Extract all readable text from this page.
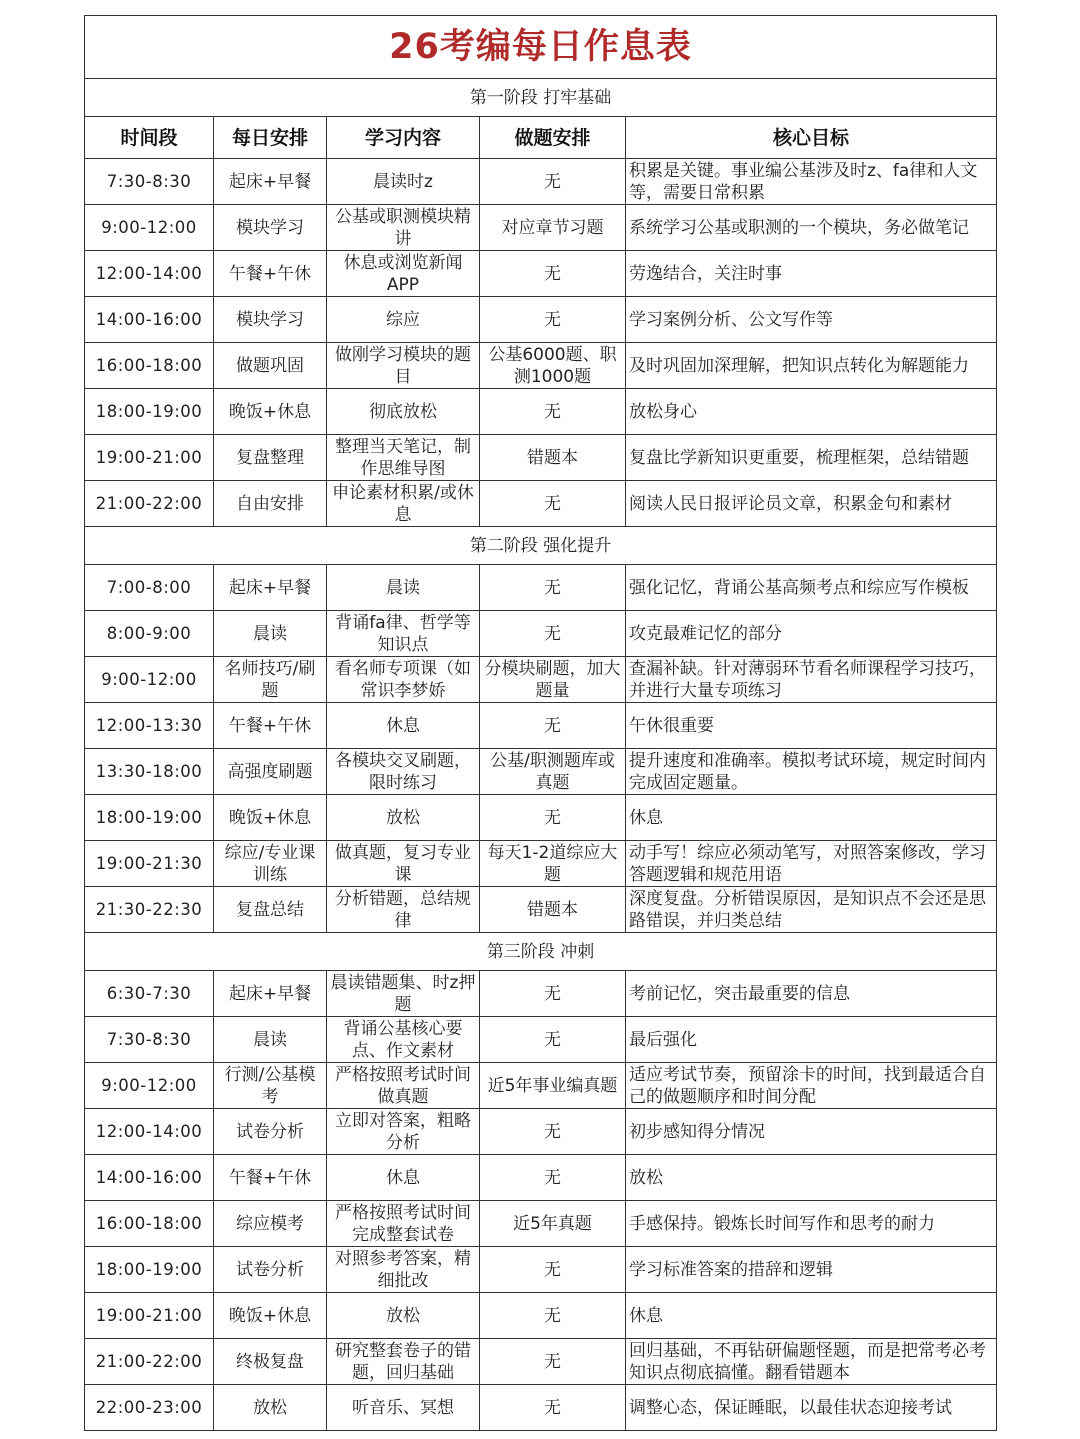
26考编每日作息表				
第一阶段 打牢基础				
时间段	每日安排	学习内容	做题安排	核心目标
7:30-8:30	起床+早餐	晨读时z	无	积累是关键。事业编公基涉及时z、fa律和人文等，需要日常积累
9:00-12:00	模块学习	公基或职测模块精讲	对应章节习题	系统学习公基或职测的一个模块，务必做笔记
12:00-14:00	午餐+午休	休息或浏览新闻APP	无	劳逸结合，关注时事
14:00-16:00	模块学习	综应	无	学习案例分析、公文写作等
16:00-18:00	做题巩固	做刚学习模块的题目	公基6000题、职测1000题	及时巩固加深理解，把知识点转化为解题能力
18:00-19:00	晚饭+休息	彻底放松	无	放松身心
19:00-21:00	复盘整理	整理当天笔记，制作思维导图	错题本	复盘比学新知识更重要，梳理框架，总结错题
21:00-22:00	自由安排	申论素材积累/或休息	无	阅读人民日报评论员文章，积累金句和素材
第二阶段 强化提升				
7:00-8:00	起床+早餐	晨读	无	强化记忆，背诵公基高频考点和综应写作模板
8:00-9:00	晨读	背诵fa律、哲学等知识点	无	攻克最难记忆的部分
9:00-12:00	名师技巧/刷题	看名师专项课（如常识李梦娇	分模块刷题，加大题量	查漏补缺。针对薄弱环节看名师课程学习技巧，并进行大量专项练习
12:00-13:30	午餐+午休	休息	无	午休很重要
13:30-18:00	高强度刷题	各模块交叉刷题，限时练习	公基/职测题库或真题	提升速度和准确率。模拟考试环境，规定时间内完成固定题量。
18:00-19:00	晚饭+休息	放松	无	休息
19:00-21:30	综应/专业课训练	做真题，复习专业课	每天1-2道综应大题	动手写！综应必须动笔写，对照答案修改，学习答题逻辑和规范用语
21:30-22:30	复盘总结	分析错题，总结规律	错题本	深度复盘。分析错误原因，是知识点不会还是思路错误，并归类总结
第三阶段 冲刺				
6:30-7:30	起床+早餐	晨读错题集、时z押题	无	考前记忆，突击最重要的信息
7:30-8:30	晨读	背诵公基核心要点、作文素材	无	最后强化
9:00-12:00	行测/公基模考	严格按照考试时间做真题	近5年事业编真题	适应考试节奏，预留涂卡的时间，找到最适合自己的做题顺序和时间分配
12:00-14:00	试卷分析	立即对答案，粗略分析	无	初步感知得分情况
14:00-16:00	午餐+午休	休息	无	放松
16:00-18:00	综应模考	严格按照考试时间完成整套试卷	近5年真题	手感保持。锻炼长时间写作和思考的耐力
18:00-19:00	试卷分析	对照参考答案，精细批改	无	学习标准答案的措辞和逻辑
19:00-21:00	晚饭+休息	放松	无	休息
21:00-22:00	终极复盘	研究整套卷子的错题，回归基础	无	回归基础，不再钻研偏题怪题，而是把常考必考知识点彻底搞懂。翻看错题本
22:00-23:00	放松	听音乐、冥想	无	调整心态，保证睡眠，以最佳状态迎接考试
